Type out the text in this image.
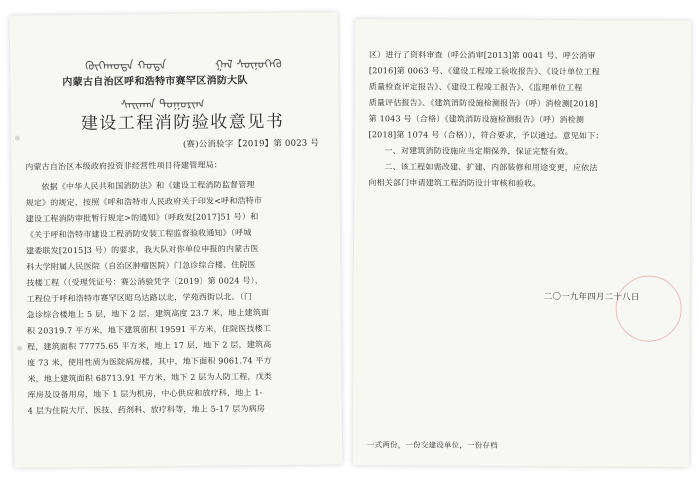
ᠬᠥᠬᠡᠬᠣᠲᠠ ᠬᠣᠲᠠ	ᠭᠠᠯ ᠰᠥᠨᠦᠭᠡᠬᠦ
ᠰᠠᠢᠬᠠᠨ ᠲᠣᠭᠣᠷᠢᠭ
内蒙古自治区呼和浩特市赛罕区消防大队
建设工程消防验收意见书
(赛)公消验字【2019】第 0023 号
内蒙古自治区本级政府投资非经营性项目待建管理局：
依据《中华人民共和国消防法》和《建设工程消防监督管理
规定》的规定，按照《呼和浩特市人民政府关于印发<呼和浩特市
建设工程消防审批暂行规定>的通知》（呼政发[2017]51 号）和
《关于呼和浩特市建设工程消防安装工程监督验收通知》（呼城
建委联发[2015]3 号）的要求，我大队对你单位申报的内蒙古医
科大学附属人民医院（自治区肿瘤医院）门急诊综合楼、住院医
技楼工程（（受理凭证号：赛公消验凭字〔2019〕第 0024 号），
工程位于呼和浩特市赛罕区昭乌达路以北，学苑西街以北。（门
急诊综合楼地上 5 层，地下 2 层，建筑高度 23.7 米，地上建筑面
积 20319.7 平方米，地下建筑面积 19591 平方米，住院医技楼工
程，建筑面积 77775.65 平方米，地上 17 层，地下 2 层，建筑高
度 73 米，使用性质为医院病房楼，其中，地下面积 9061.74 平方
米，地上建筑面积 68713.91 平方米，地下 2 层为人防工程，戊类
库房及设备用房，地下 1 层为机房，中心供应和放疗科，地上 1-
4 层为住院大厅、医技、药剂科、放疗科等，地上 5-17 层为病房
区）进行了资料审查（呼公消审[2013]第 0041 号、呼公消审
[2016]第 0063 号、《建设工程竣工验收报告》、《设计单位工程
质量检查评定报告》、《建设工程竣工报告》、《监理单位工程
质量评估报告》、《建筑消防设施检测报告》（呼）消检测[2018]
第 1043 号（合格）《建筑消防设施检测报告》（呼）消检测
[2018]第 1074 号（合格）），符合要求，予以通过。意见如下：
一、对建筑消防设施应当定期保养，保证完整有效。
二、该工程如需改建、扩建、内部装修和用途变更，应依法
向相关部门申请建筑工程消防设计审核和验收。
二〇一九年四月二十八日
一式两份，一份交建设单位，一份存档
